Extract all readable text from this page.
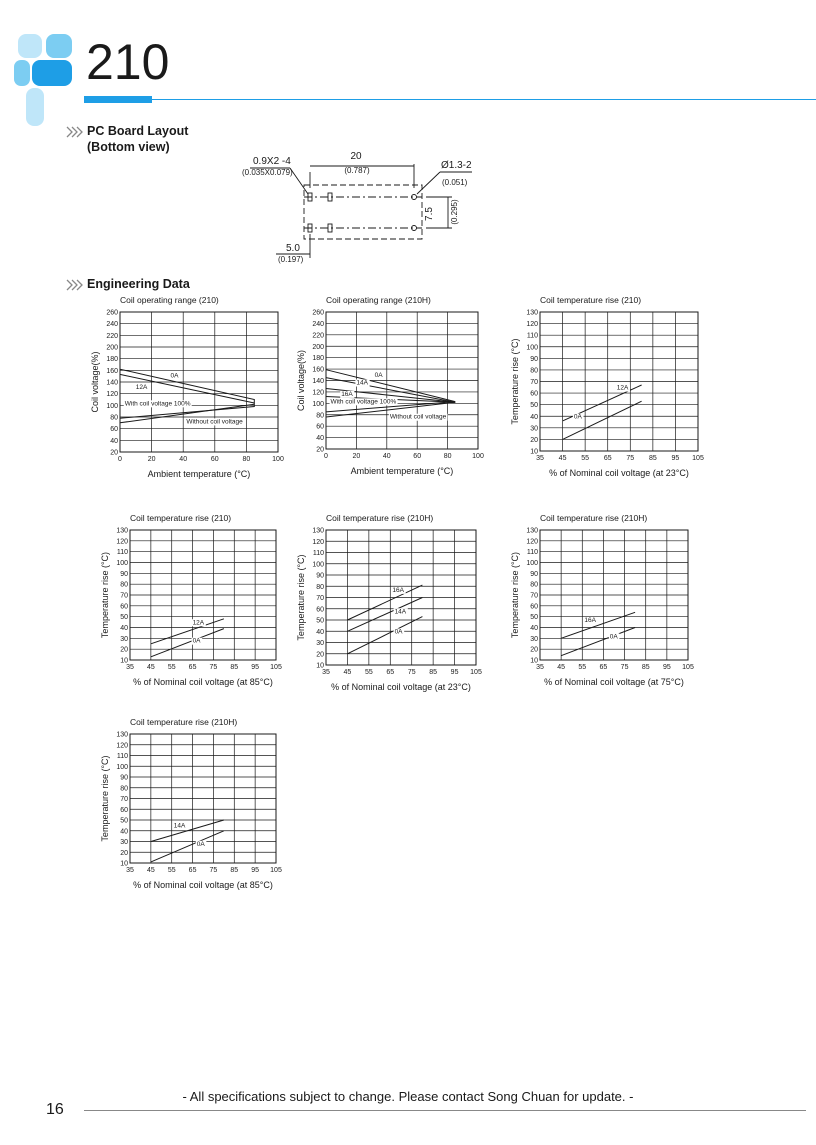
210
PC Board Layout
(Bottom view)
20
(0.787)
0.9X2 -4
(0.035X0.079)
Ø1.3-2
(0.051)
7.5 (0.295)
5.0
(0.197)
Engineering Data
Coil operating range (210)
0	20	40	60	80	100
20
40
60
80
100
120
140
160
180
200
220
240
260
Ambient temperature (°C)
Coil voltage(%)	0A
12A
With coil voltage 100%
Without coil voltage
Coil operating range (210H)
0	20	40	60	80	100
20
40
60
80
100
120
140
160
180
200
220
240
260
Ambient temperature (°C)
Coil voltage(%)	0A
14A
16A
With coil voltage 100%
Without coil voltage
Coil temperature rise (210)
35 45 55 65 75 85 95 105
10
20
30
40
50
60
70
80
90
100
110
120
130
% of Nominal coil voltage (at 23°C)
Temperature rise (°C)	12A
0A
Coil temperature rise (210)
35 45 55 65 75 85 95 105
10
20
30
40
50
60
70
80
90
100
110
120
130
% of Nominal coil voltage (at 85°C)
Temperature rise (°C)	12A
0A
Coil temperature rise (210H)
35 45 55 65 75 85 95 105
10
20
30
40
50
60
70
80
90
100
110
120
130
% of Nominal coil voltage (at 23°C)
Temperature rise (°C)	16A
14A
0A
Coil temperature rise (210H)
35 45 55 65 75 85 95 105
10
20
30
40
50
60
70
80
90
100
110
120
130
% of Nominal coil voltage (at 75°C)
Temperature rise (°C)	16A
0A
Coil temperature rise (210H)
35 45 55 65 75 85 95 105
10
20
30
40
50
60
70
80
90
100
110
120
130
% of Nominal coil voltage (at 85°C)
Temperature rise (°C)	14A
0A
- All specifications subject to change. Please contact Song Chuan for update. -
16
